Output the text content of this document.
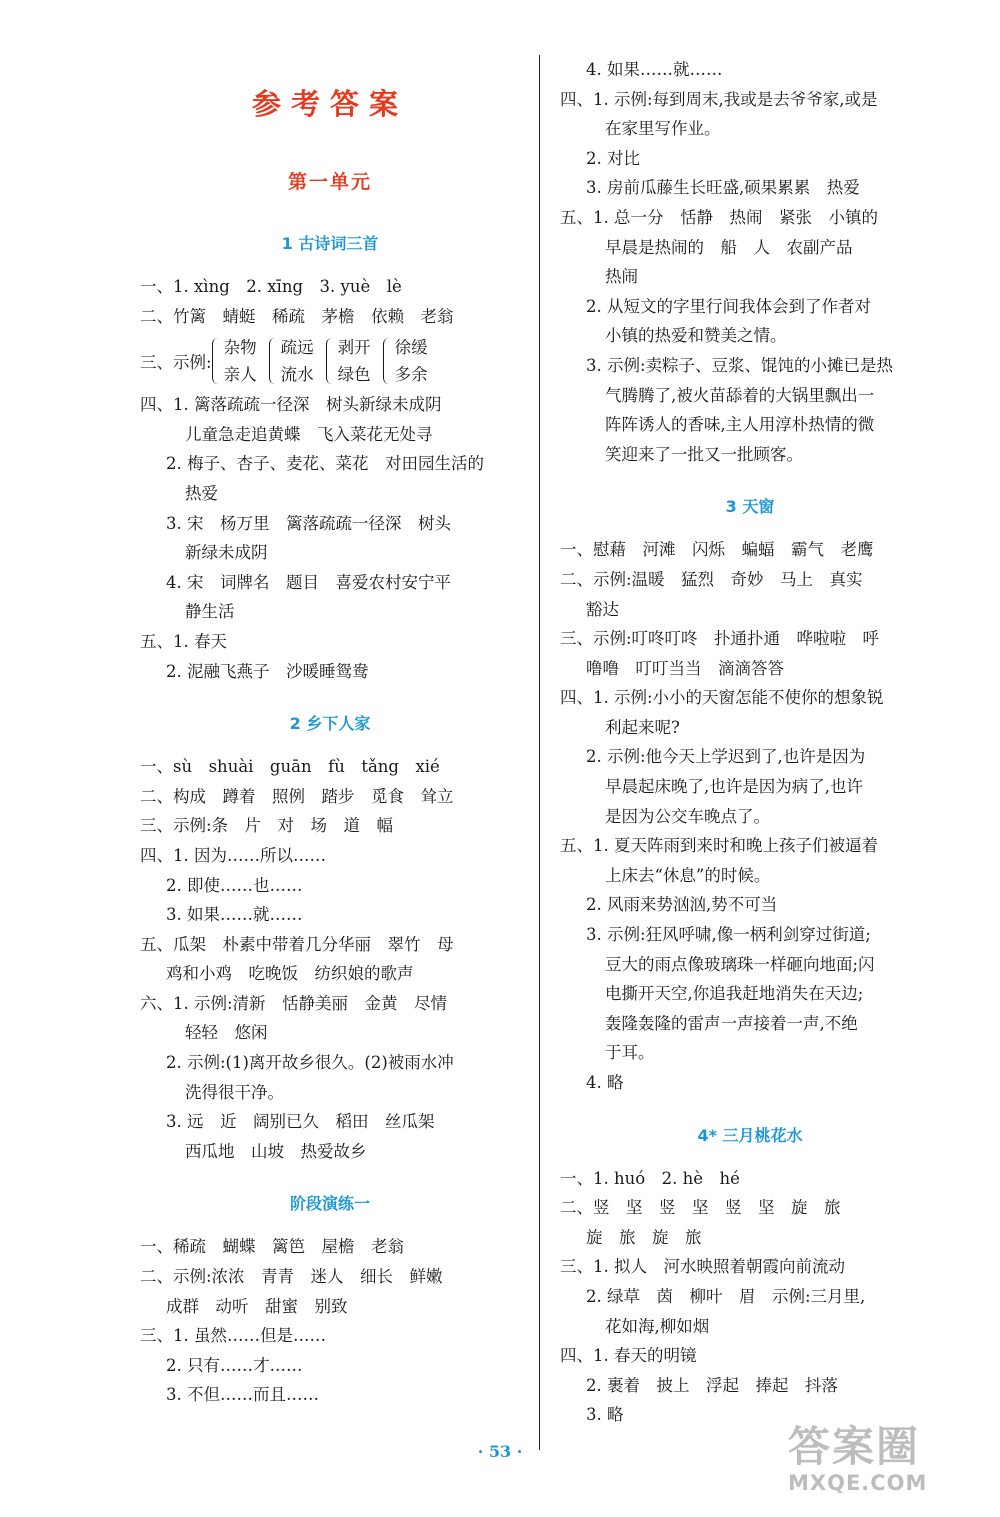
参考答案
第一单元
1 古诗词三首
一、1. xìng　2. xīng　3. yuè　lè
二、竹篱　蜻蜓　稀疏　茅檐　依赖　老翁
三、示例:
杂物
亲人
疏远
流水
剥开
绿色
徐缓
多余
四、1. 篱落疏疏一径深　树头新绿未成阴
儿童急走追黄蝶　飞入菜花无处寻
2. 梅子、杏子、麦花、菜花　对田园生活的
热爱
3. 宋　杨万里　篱落疏疏一径深　树头
新绿未成阴
4. 宋　词牌名　题目　喜爱农村安宁平
静生活
五、1. 春天
2. 泥融飞燕子　沙暖睡鸳鸯
2 乡下人家
一、sù　shuài　guān　fù　tǎng　xié
二、构成　蹲着　照例　踏步　觅食　耸立
三、示例:条　片　对　场　道　幅
四、1. 因为……所以……
2. 即使……也……
3. 如果……就……
五、瓜架　朴素中带着几分华丽　翠竹　母
鸡和小鸡　吃晚饭　纺织娘的歌声
六、1. 示例:清新　恬静美丽　金黄　尽情
轻轻　悠闲
2. 示例:(1)离开故乡很久。(2)被雨水冲
洗得很干净。
3. 远　近　阔别已久　稻田　丝瓜架
西瓜地　山坡　热爱故乡
阶段演练一
一、稀疏　蝴蝶　篱笆　屋檐　老翁
二、示例:浓浓　青青　迷人　细长　鲜嫩
成群　动听　甜蜜　别致
三、1. 虽然……但是……
2. 只有……才……
3. 不但……而且……
4. 如果……就……
四、1. 示例:每到周末,我或是去爷爷家,或是
在家里写作业。
2. 对比
3. 房前瓜藤生长旺盛,硕果累累　热爱
五、1. 总一分　恬静　热闹　紧张　小镇的
早晨是热闹的　船　人　农副产品
热闹
2. 从短文的字里行间我体会到了作者对
小镇的热爱和赞美之情。
3. 示例:卖粽子、豆浆、馄饨的小摊已是热
气腾腾了,被火苗舔着的大锅里飘出一
阵阵诱人的香味,主人用淳朴热情的微
笑迎来了一批又一批顾客。
3 天窗
一、慰藉　河滩　闪烁　蝙蝠　霸气　老鹰
二、示例:温暖　猛烈　奇妙　马上　真实
豁达
三、示例:叮咚叮咚　扑通扑通　哗啦啦　呼
噜噜　叮叮当当　滴滴答答
四、1. 示例:小小的天窗怎能不使你的想象锐
利起来呢?
2. 示例:他今天上学迟到了,也许是因为
早晨起床晚了,也许是因为病了,也许
是因为公交车晚点了。
五、1. 夏天阵雨到来时和晚上孩子们被逼着
上床去“休息”的时候。
2. 风雨来势汹汹,势不可当
3. 示例:狂风呼啸,像一柄利剑穿过街道;
豆大的雨点像玻璃珠一样砸向地面;闪
电撕开天空,你追我赶地消失在天边;
轰隆轰隆的雷声一声接着一声,不绝
于耳。
4. 略
4* 三月桃花水
一、1. huó　2. hè　hé
二、竖　坚　竖　坚　竖　坚　旋　旅
旋　旅　旋　旅
三、1. 拟人　河水映照着朝霞向前流动
2. 绿草　茵　柳叶　眉　示例:三月里,
花如海,柳如烟
四、1. 春天的明镜
2. 裹着　披上　浮起　捧起　抖落
3. 略
· 53 ·	答案圈
MXQE.COM
